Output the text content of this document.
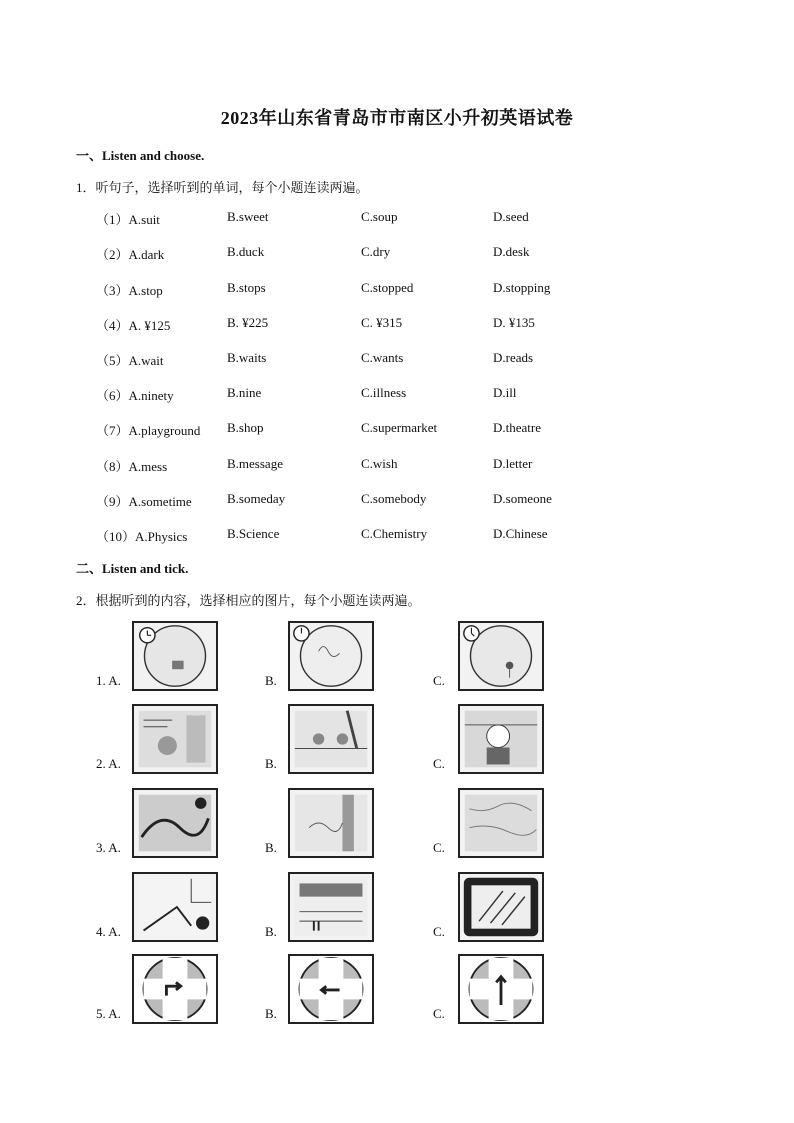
2023年山东省青岛市市南区小升初英语试卷
一、Listen and choose.
1．听句子，选择听到的单词，每个小题连读两遍。
（1）A.suit	B.sweet	C.soup	D.seed
（2）A.dark	B.duck	C.dry	D.desk
（3）A.stop	B.stops	C.stopped	D.stopping
（4）A. ¥125	B. ¥225	C. ¥315	D. ¥135
（5）A.wait	B.waits	C.wants	D.reads
（6）A.ninety	B.nine	C.illness	D.ill
（7）A.playground B.shop	C.supermarket	D.theatre
（8）A.mess	B.message	C.wish	D.letter
（9）A.sometime	B.someday	C.somebody	D.someone
（10）A.Physics	B.Science	C.Chemistry	D.Chinese
二、Listen and tick.
2．根据听到的内容，选择相应的图片，每个小题连读两遍。
1. A.	B.	C.
2. A.	B.	C.
3. A.	B.	C.
4. A.	B.	C.
5. A.	B.	C.
